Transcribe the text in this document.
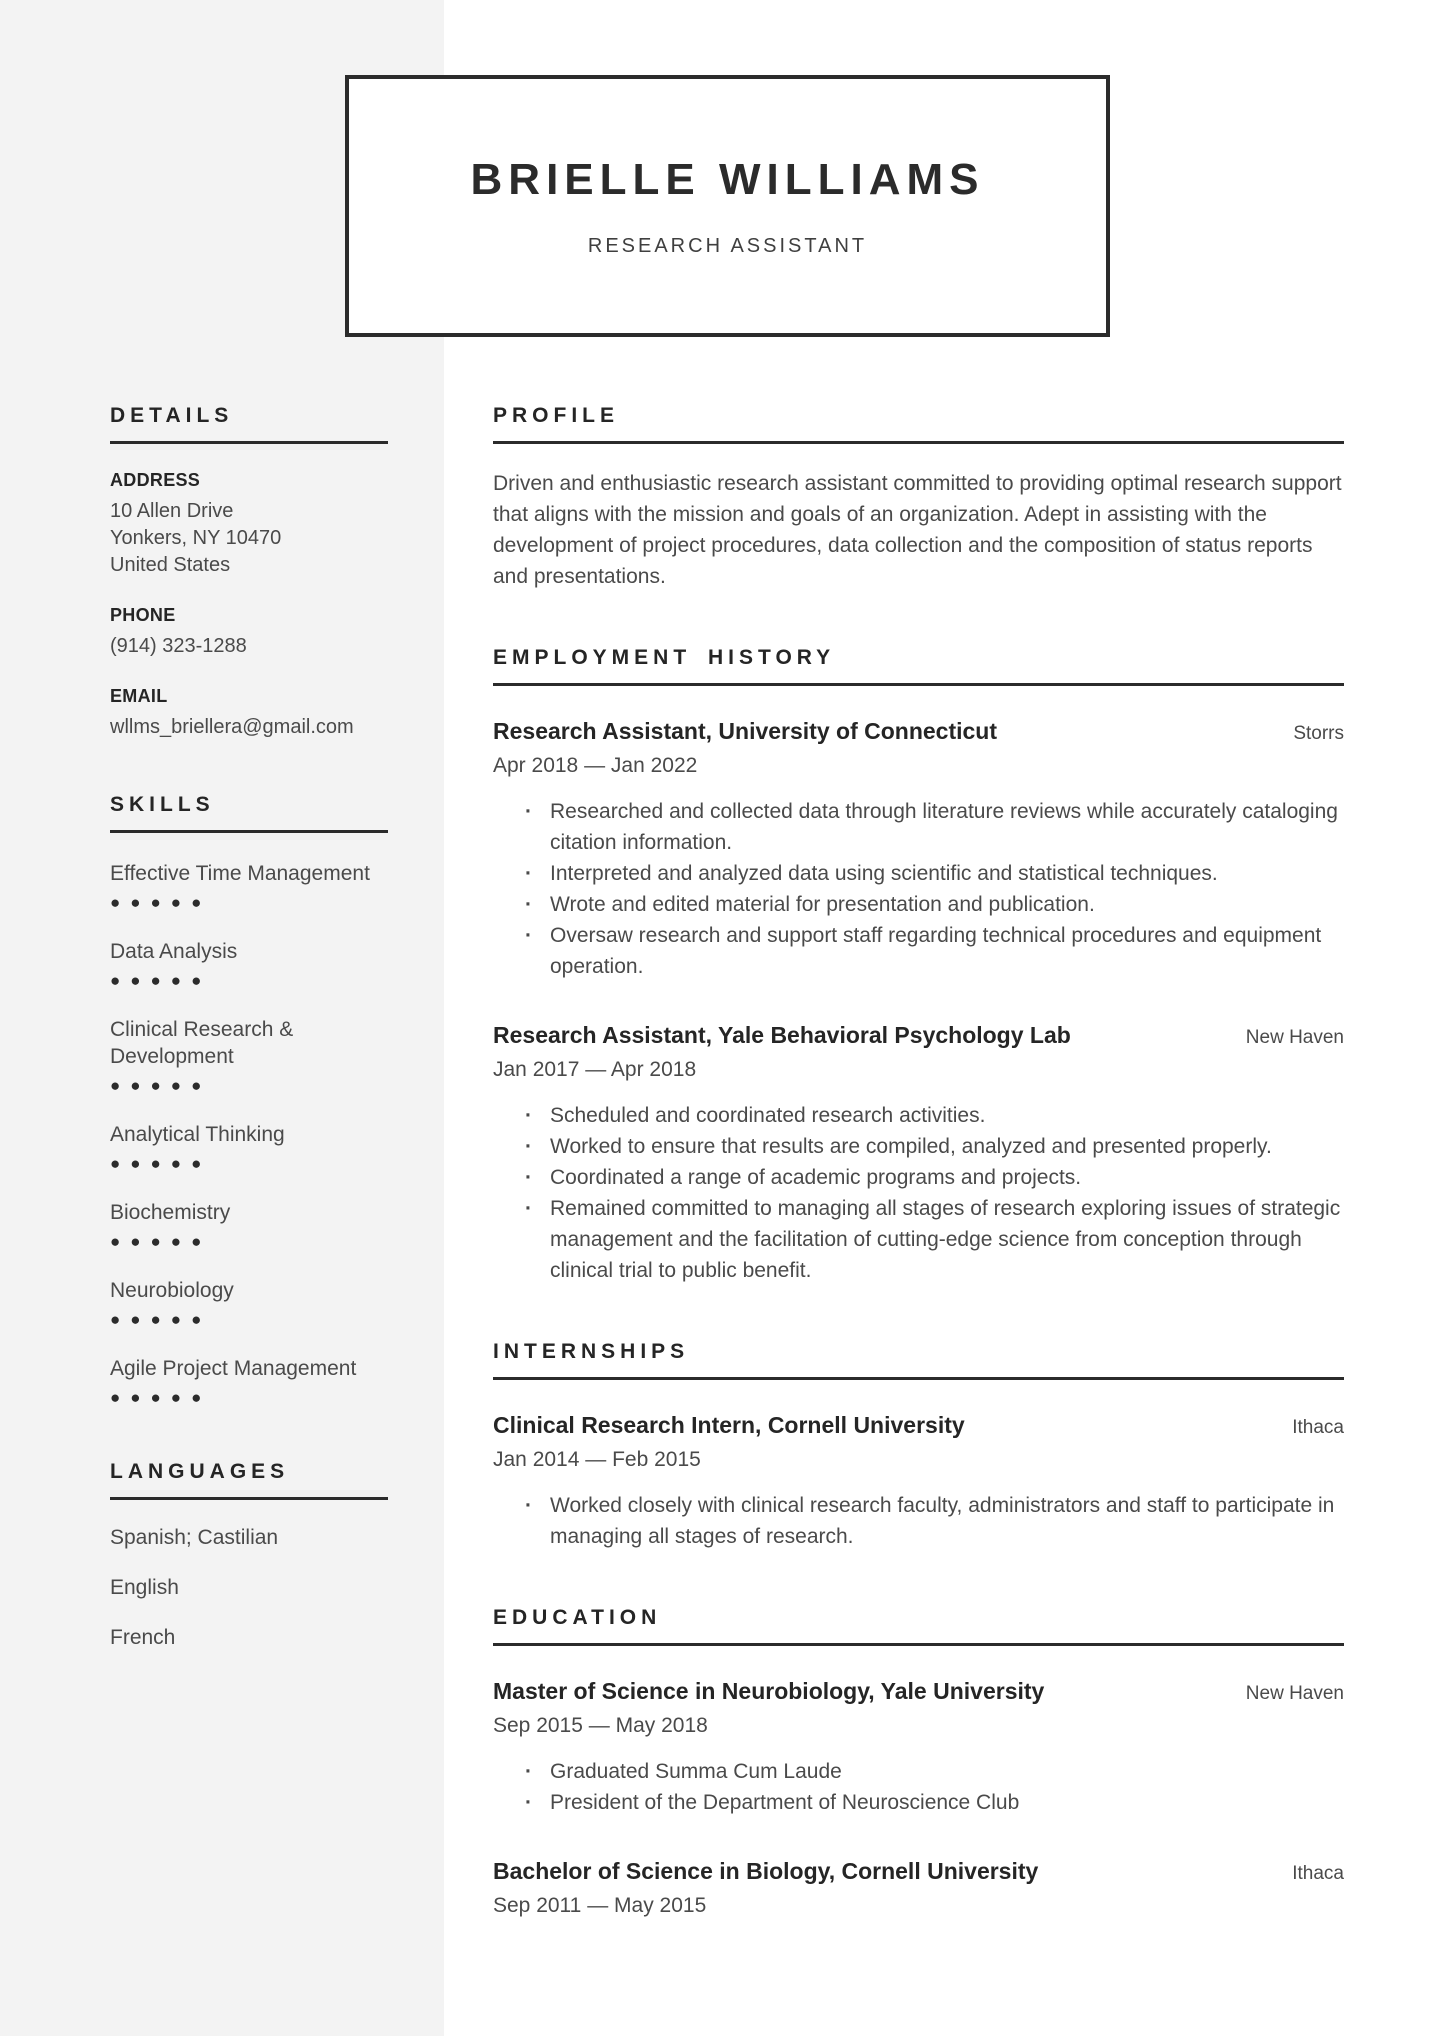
BRIELLE WILLIAMS
RESEARCH ASSISTANT
DETAILS
ADDRESS
10 Allen Drive
Yonkers, NY 10470
United States
PHONE
(914) 323-1288
EMAIL
wllms_briellera@gmail.com
SKILLS
Effective Time Management
●●●●●
Data Analysis
●●●●●
Clinical Research & Development
●●●●●
Analytical Thinking
●●●●●
Biochemistry
●●●●●
Neurobiology
●●●●●
Agile Project Management
●●●●●
LANGUAGES
Spanish; Castilian
English
French
PROFILE

Driven and enthusiastic research assistant committed to providing optimal research support that aligns with the mission and goals of an organization. Adept in assisting with the development of project procedures, data collection and the composition of status reports and presentations.

EMPLOYMENT HISTORY
Research Assistant, University of Connecticut	Storrs
Apr 2018 — Jan 2022
· Researched and collected data through literature reviews while accurately cataloging citation information.
· Interpreted and analyzed data using scientific and statistical techniques.
· Wrote and edited material for presentation and publication.
· Oversaw research and support staff regarding technical procedures and equipment operation.
Research Assistant, Yale Behavioral Psychology Lab	New Haven
Jan 2017 — Apr 2018
· Scheduled and coordinated research activities.
· Worked to ensure that results are compiled, analyzed and presented properly.
· Coordinated a range of academic programs and projects.
· Remained committed to managing all stages of research exploring issues of strategic management and the facilitation of cutting-edge science from conception through clinical trial to public benefit.
INTERNSHIPS
Clinical Research Intern, Cornell University	Ithaca
Jan 2014 — Feb 2015
· Worked closely with clinical research faculty, administrators and staff to participate in managing all stages of research.
EDUCATION
Master of Science in Neurobiology, Yale University	New Haven
Sep 2015 — May 2018
· Graduated Summa Cum Laude
· President of the Department of Neuroscience Club
Bachelor of Science in Biology, Cornell University	Ithaca
Sep 2011 — May 2015
